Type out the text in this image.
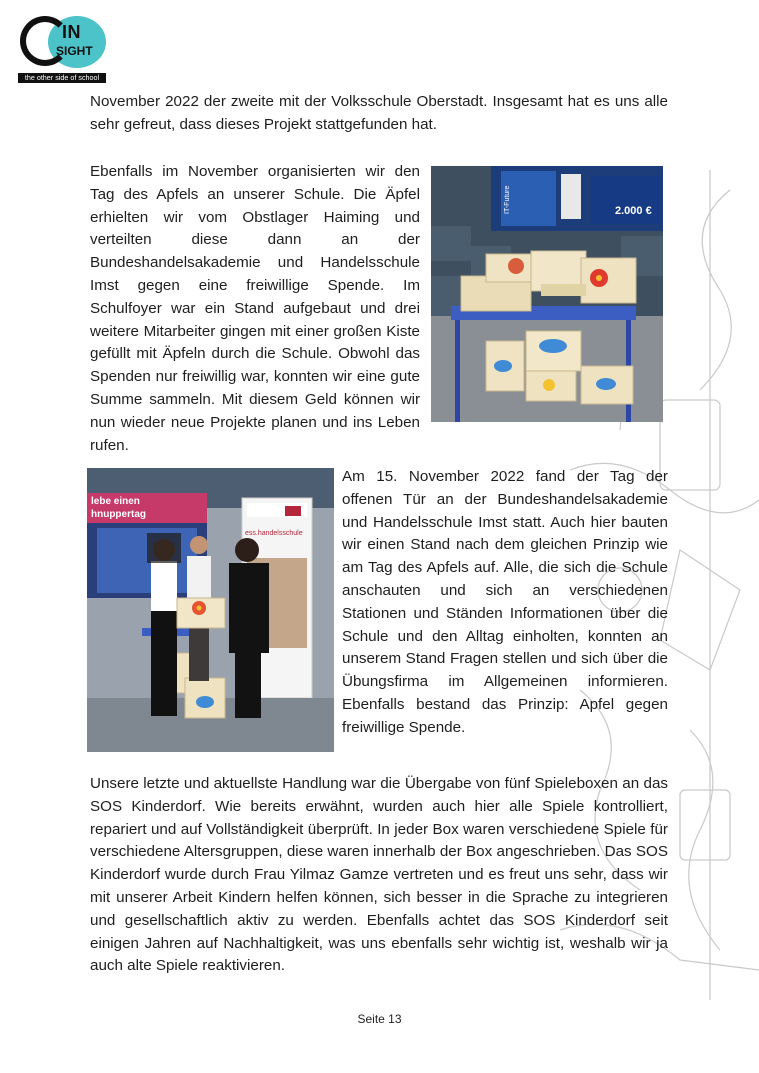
IN
SIGHT
the other side of school

November 2022 der zweite mit der Volksschule Oberstadt. Insgesamt hat es uns alle sehr gefreut, dass dieses Projekt stattgefunden hat.

Ebenfalls im November organisierten wir den Tag des Apfels an unserer Schule. Die Äpfel erhielten wir vom Obstlager Haiming und verteilten diese dann an der Bundeshandelsakademie und Handelsschule Imst gegen eine freiwillige Spende. Im Schulfoyer war ein Stand aufgebaut und drei weitere Mitarbeiter gingen mit einer großen Kiste gefüllt mit Äpfeln durch die Schule. Obwohl das Spenden nur freiwillig war, konnten wir eine gute Summe sammeln. Mit diesem Geld können wir nun wieder neue Projekte planen und ins Leben rufen.

IT-Future	2.000 €
lebe einen
hnuppertag
ess.handelsschule

Am 15. November 2022 fand der Tag der offenen Tür an der Bundeshandelsakademie und Handelsschule Imst statt. Auch hier bauten wir einen Stand nach dem gleichen Prinzip wie am Tag des Apfels auf. Alle, die sich die Schule anschauten und sich an verschiedenen Stationen und Ständen Informationen über die Schule und den Alltag einholten, konnten an unserem Stand Fragen stellen und sich über die Übungsfirma im Allgemeinen informieren. Ebenfalls bestand das Prinzip: Apfel gegen freiwillige Spende.

Unsere letzte und aktuellste Handlung war die Übergabe von fünf Spieleboxen an das SOS Kinderdorf. Wie bereits erwähnt, wurden auch hier alle Spiele kontrolliert, repariert und auf Vollständigkeit überprüft. In jeder Box waren verschiedene Spiele für verschiedene Altersgruppen, diese waren innerhalb der Box angeschrieben. Das SOS Kinderdorf wurde durch Frau Yilmaz Gamze vertreten und es freut uns sehr, dass wir mit unserer Arbeit Kindern helfen können, sich besser in die Sprache zu integrieren und gesellschaftlich aktiv zu werden. Ebenfalls achtet das SOS Kinderdorf seit einigen Jahren auf Nachhaltigkeit, was uns ebenfalls sehr wichtig ist, weshalb wir ja auch alte Spiele reaktivieren.

Seite 13
